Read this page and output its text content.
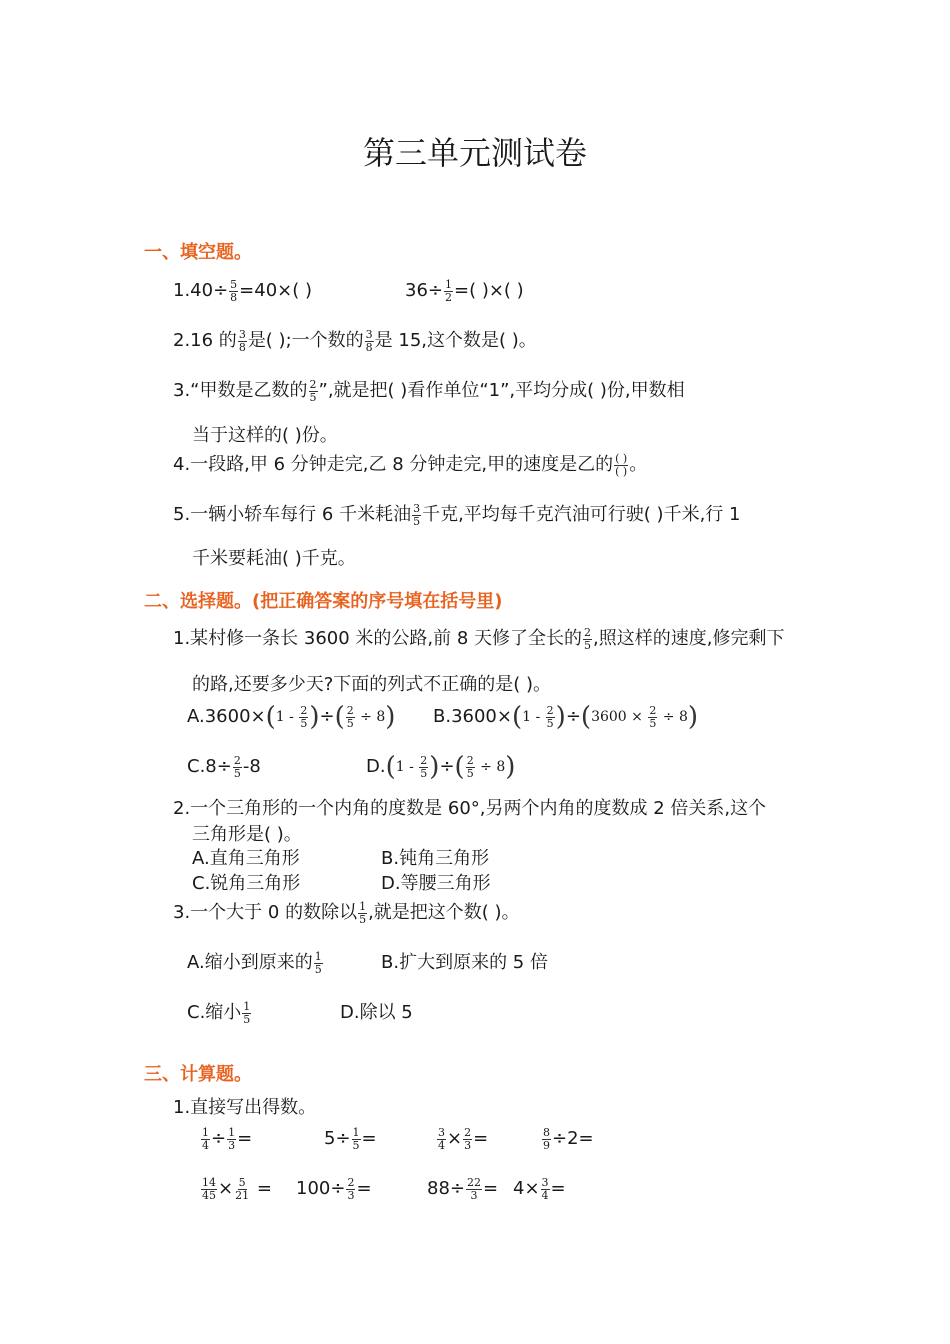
第三单元测试卷
一、填空题。
$1.40\div \frac{5}{8} =40\times$( )	$36\div \frac{1}{2}$ =( )×( )
2.16 的 $\frac{3}{8}$ 是( );一个数的 $\frac{3}{8}$ 是 15,这个数是( )。
3.“甲数是乙数的 $\frac{2}{5}$ ”,就是把( )看作单位“1”,平均分成( )份,甲数相
当于这样的( )份。
4.一段路,甲 6 分钟走完,乙 8 分钟走完,甲的速度是乙的 $\frac{( )}{( )}$ 。
5.一辆小轿车每行 6 千米耗油 $\frac{3}{5}$ 千克,平均每千克汽油可行驶( )千米,行 1
千米要耗油( )千克。
二、选择题。(把正确答案的序号填在括号里)
1.某村修一条长 3600 米的公路,前 8 天修了全长的 $\frac{2}{5}$ ,照这样的速度,修完剩下
的路,还要多少天?下面的列式不正确的是( )。
$A.3600\times(1 - \frac{2}{5}$ )÷( $\frac{2}{5} \div 8$) $B.3600\times(1 - \frac{2}{5} )\div(3600 \times \frac{2}{5} \div 8)$
$C.8\div \frac{2}{5} -8$	$D.(1 - \frac{2}{5}$ )÷( $\frac{2}{5} \div 8$)
2.一个三角形的一个内角的度数是 60°,另两个内角的度数成 2 倍关系,这个
三角形是( )。
A.直角三角形	B.钝角三角形
C.锐角三角形	D.等腰三角形
3.一个大于 0 的数除以 $\frac{1}{5}$ ,就是把这个数( )。
A.缩小到原来的 $\frac{1}{5}$	B.扩大到原来的 5 倍
C.缩小 $\frac{1}{5}$	D.除以 5
三、计算题。
1.直接写出得数。
$\frac{1}{4} \div \frac{1}{3}$ =	$5\div \frac{1}{5}$ =	$\frac{3}{4} \times \frac{2}{3}$ =	$\frac{8}{9} \div 2=$
$\frac{14}{45} \times \frac{5}{21} = 100\div \frac{2}{3}$ =	$88\div \frac{22}{3} = 4\times \frac{3}{4}$ =
